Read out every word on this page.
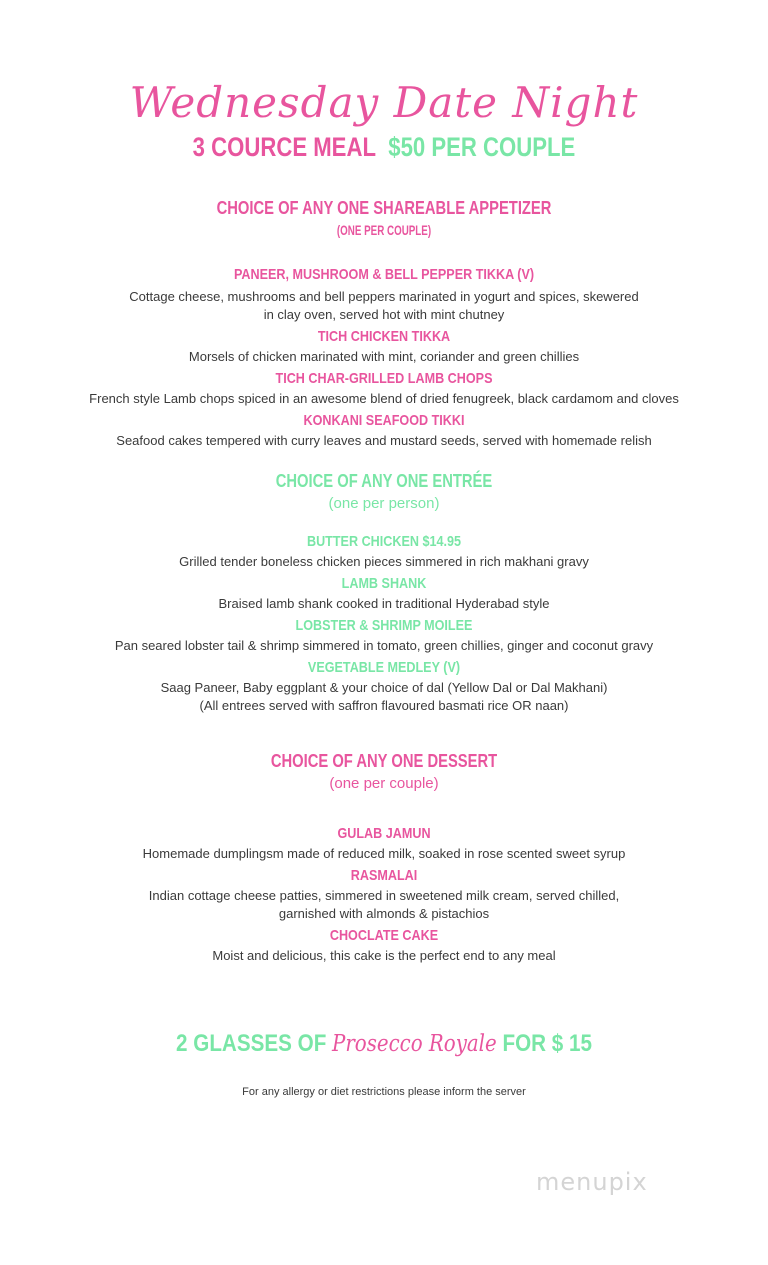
Wednesday Date Night
3 COURCE MEAL $50 PER COUPLE
CHOICE OF ANY ONE SHAREABLE APPETIZER
(ONE PER COUPLE)
PANEER, MUSHROOM & BELL PEPPER TIKKA (V)
Cottage cheese, mushrooms and bell peppers marinated in yogurt and spices, skewered
in clay oven, served hot with mint chutney
TICH CHICKEN TIKKA
Morsels of chicken marinated with mint, coriander and green chillies
TICH CHAR-GRILLED LAMB CHOPS
French style Lamb chops spiced in an awesome blend of dried fenugreek, black cardamom and cloves
KONKANI SEAFOOD TIKKI
Seafood cakes tempered with curry leaves and mustard seeds, served with homemade relish
CHOICE OF ANY ONE ENTRÉE
(one per person)
BUTTER CHICKEN $14.95
Grilled tender boneless chicken pieces simmered in rich makhani gravy
LAMB SHANK
Braised lamb shank cooked in traditional Hyderabad style
LOBSTER & SHRIMP MOILEE
Pan seared lobster tail & shrimp simmered in tomato, green chillies, ginger and coconut gravy
VEGETABLE MEDLEY (V)
Saag Paneer, Baby eggplant & your choice of dal (Yellow Dal or Dal Makhani)
(All entrees served with saffron flavoured basmati rice OR naan)
CHOICE OF ANY ONE DESSERT
(one per couple)
GULAB JAMUN
Homemade dumplingsm made of reduced milk, soaked in rose scented sweet syrup
RASMALAI
Indian cottage cheese patties, simmered in sweetened milk cream, served chilled,
garnished with almonds & pistachios
CHOCLATE CAKE
Moist and delicious, this cake is the perfect end to any meal
2 GLASSES OF Prosecco Royale FOR $ 15
For any allergy or diet restrictions please inform the server
menupix
